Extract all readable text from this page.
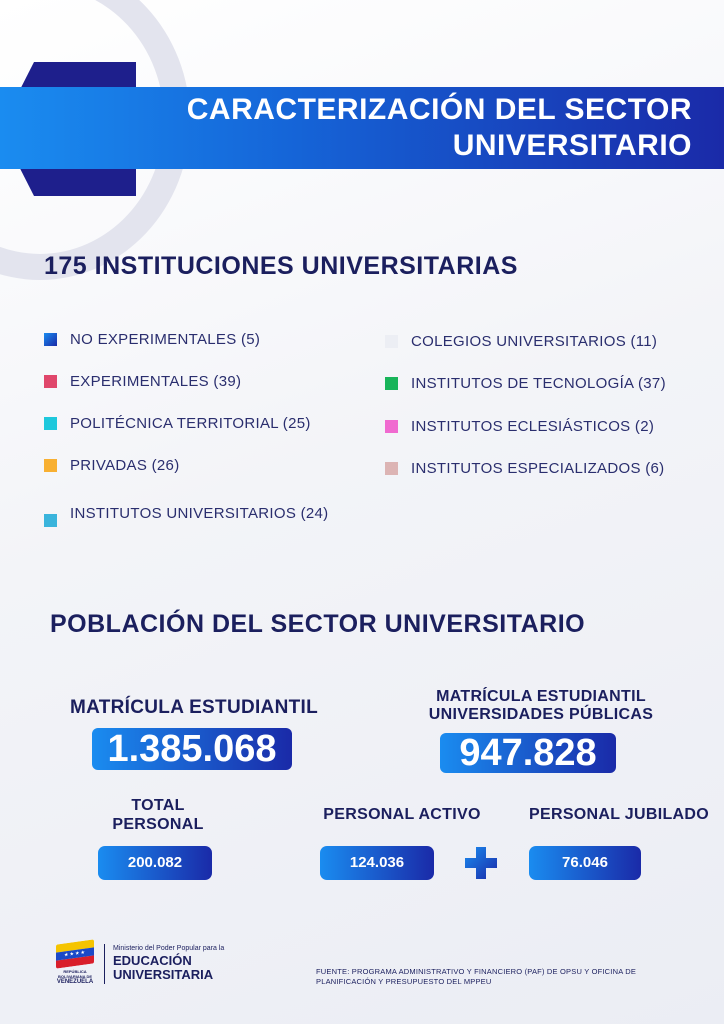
CARACTERIZACIÓN DEL SECTOR
UNIVERSITARIO
175 INSTITUCIONES UNIVERSITARIAS
NO EXPERIMENTALES (5)
EXPERIMENTALES (39)
POLITÉCNICA TERRITORIAL (25)
PRIVADAS (26)
INSTITUTOS UNIVERSITARIOS (24)
COLEGIOS UNIVERSITARIOS (11)
INSTITUTOS DE TECNOLOGÍA (37)
INSTITUTOS ECLESIÁSTICOS (2)
INSTITUTOS ESPECIALIZADOS (6)
POBLACIÓN DEL SECTOR UNIVERSITARIO
MATRÍCULA ESTUDIANTIL
1.385.068
MATRÍCULA ESTUDIANTIL
UNIVERSIDADES PÚBLICAS
947.828
TOTAL
PERSONAL
200.082
PERSONAL ACTIVO
124.036
PERSONAL JUBILADO
76.046
★★★★
REPÚBLICA BOLIVARIANA DE
VENEZUELA
Ministerio del Poder Popular para la
EDUCACIÓN
UNIVERSITARIA	FUENTE: PROGRAMA ADMINISTRATIVO Y FINANCIERO (PAF) DE OPSU Y OFICINA DE PLANIFICACIÓN Y PRESUPUESTO DEL MPPEU
